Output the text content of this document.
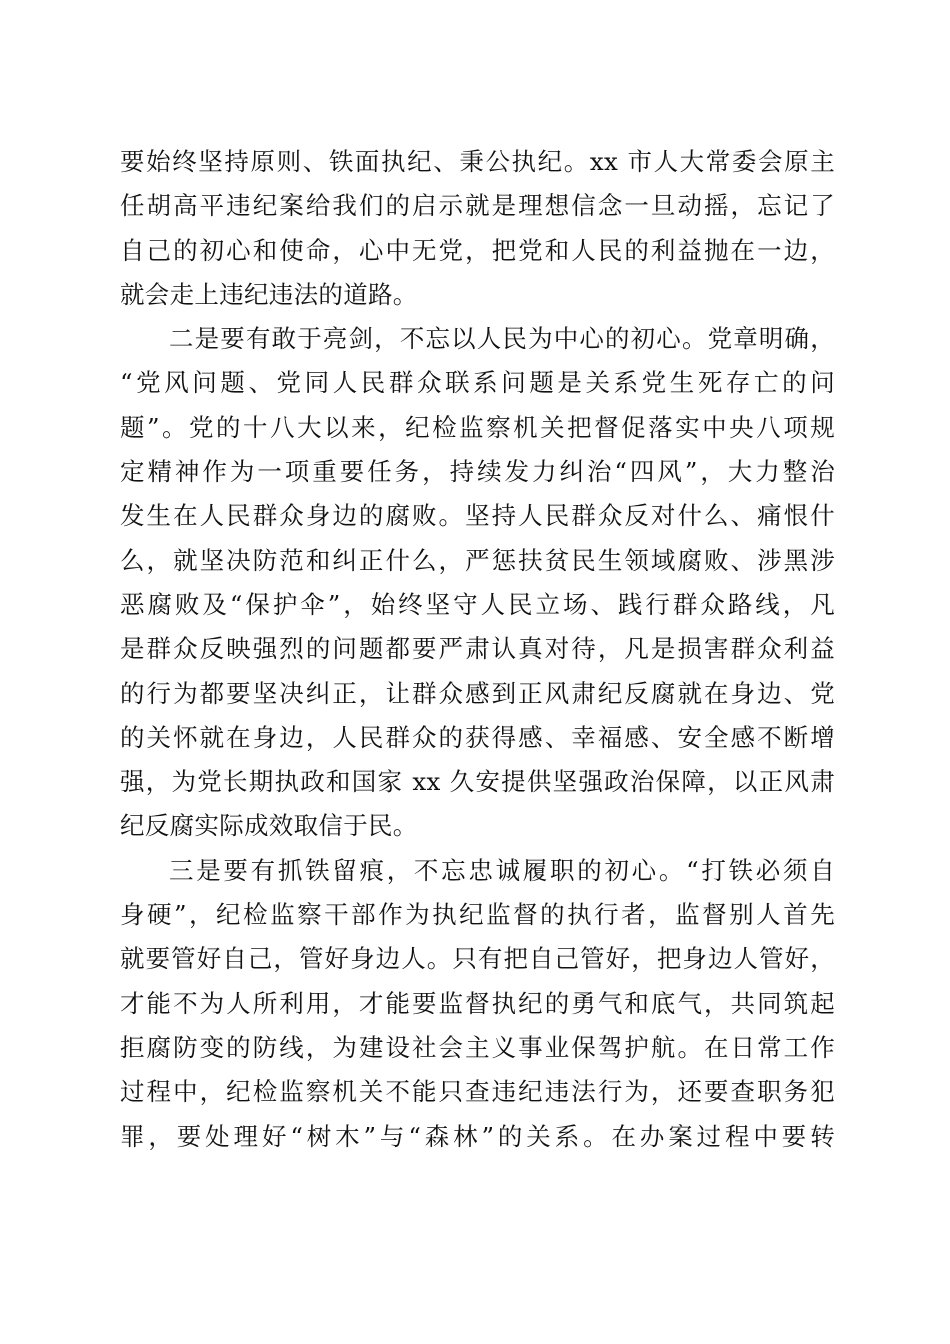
要始终坚持原则、铁面执纪、秉公执纪。xx 市人大常委会原主
任胡高平违纪案给我们的启示就是理想信念一旦动摇，忘记了
自己的初心和使命，心中无党，把党和人民的利益抛在一边，
就会走上违纪违法的道路。
二是要有敢于亮剑，不忘以人民为中心的初心。党章明确，
“党风问题、党同人民群众联系问题是关系党生死存亡的问
题”。党的十八大以来，纪检监察机关把督促落实中央八项规
定精神作为一项重要任务，持续发力纠治“四风”，大力整治
发生在人民群众身边的腐败。坚持人民群众反对什么、痛恨什
么，就坚决防范和纠正什么，严惩扶贫民生领域腐败、涉黑涉
恶腐败及“保护伞”，始终坚守人民立场、践行群众路线，凡
是群众反映强烈的问题都要严肃认真对待，凡是损害群众利益
的行为都要坚决纠正，让群众感到正风肃纪反腐就在身边、党
的关怀就在身边，人民群众的获得感、幸福感、安全感不断增
强，为党长期执政和国家 xx 久安提供坚强政治保障，以正风肃
纪反腐实际成效取信于民。
三是要有抓铁留痕，不忘忠诚履职的初心。“打铁必须自
身硬”，纪检监察干部作为执纪监督的执行者，监督别人首先
就要管好自己，管好身边人。只有把自己管好，把身边人管好，
才能不为人所利用，才能要监督执纪的勇气和底气，共同筑起
拒腐防变的防线，为建设社会主义事业保驾护航。在日常工作
过程中，纪检监察机关不能只查违纪违法行为，还要查职务犯
罪，要处理好“树木”与“森林”的关系。在办案过程中要转
